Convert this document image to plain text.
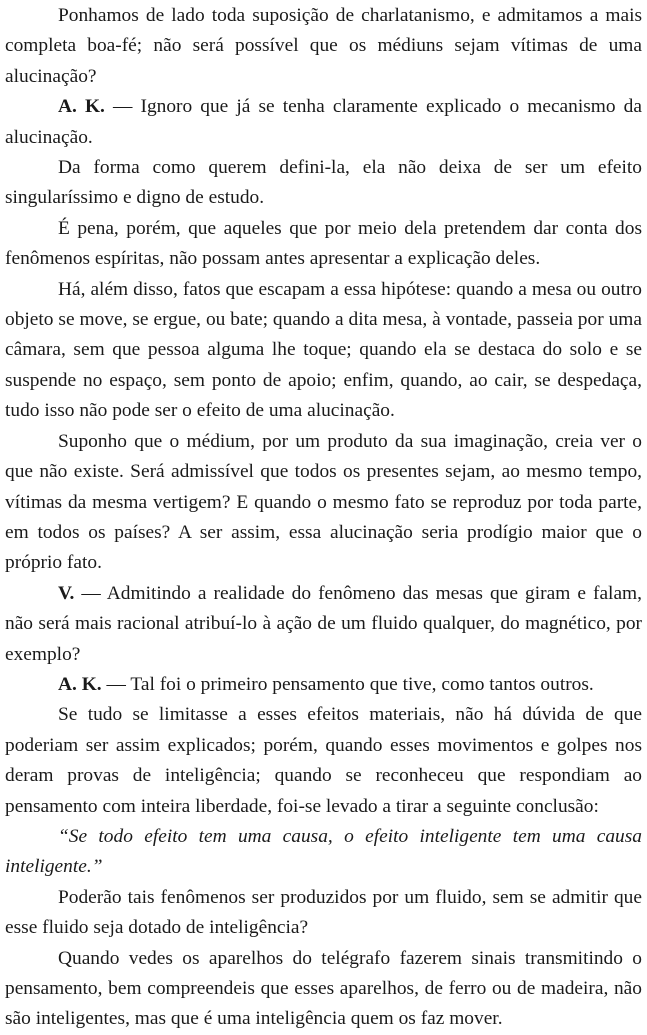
Ponhamos de lado toda suposição de charlatanismo, e admitamos a mais completa boa-fé; não será possível que os médiuns sejam vítimas de uma alucinação?

A. K. — Ignoro que já se tenha claramente explicado o mecanismo da alucinação.

Da forma como querem defini-la, ela não deixa de ser um efeito singularíssimo e digno de estudo.

É pena, porém, que aqueles que por meio dela pretendem dar conta dos fenômenos espíritas, não possam antes apresentar a explicação deles.

Há, além disso, fatos que escapam a essa hipótese: quando a mesa ou outro objeto se move, se ergue, ou bate; quando a dita mesa, à vontade, passeia por uma câmara, sem que pessoa alguma lhe toque; quando ela se destaca do solo e se suspende no espaço, sem ponto de apoio; enfim, quando, ao cair, se despedaça, tudo isso não pode ser o efeito de uma alucinação.

Suponho que o médium, por um produto da sua imaginação, creia ver o que não existe. Será admissível que todos os presentes sejam, ao mesmo tempo, vítimas da mesma vertigem? E quando o mesmo fato se reproduz por toda parte, em todos os países? A ser assim, essa alucinação seria prodígio maior que o próprio fato.

V. — Admitindo a realidade do fenômeno das mesas que giram e falam, não será mais racional atribuí-lo à ação de um fluido qualquer, do magnético, por exemplo?

A. K. — Tal foi o primeiro pensamento que tive, como tantos outros.

Se tudo se limitasse a esses efeitos materiais, não há dúvida de que poderiam ser assim explicados; porém, quando esses movimentos e golpes nos deram provas de inteligência; quando se reconheceu que respondiam ao pensamento com inteira liberdade, foi-se levado a tirar a seguinte conclusão:

“Se todo efeito tem uma causa, o efeito inteligente tem uma causa inteligente.”

Poderão tais fenômenos ser produzidos por um fluido, sem se admitir que esse fluido seja dotado de inteligência?

Quando vedes os aparelhos do telégrafo fazerem sinais transmitindo o pensamento, bem compreendeis que esses aparelhos, de ferro ou de madeira, não são inteligentes, mas que é uma inteligência quem os faz mover.
